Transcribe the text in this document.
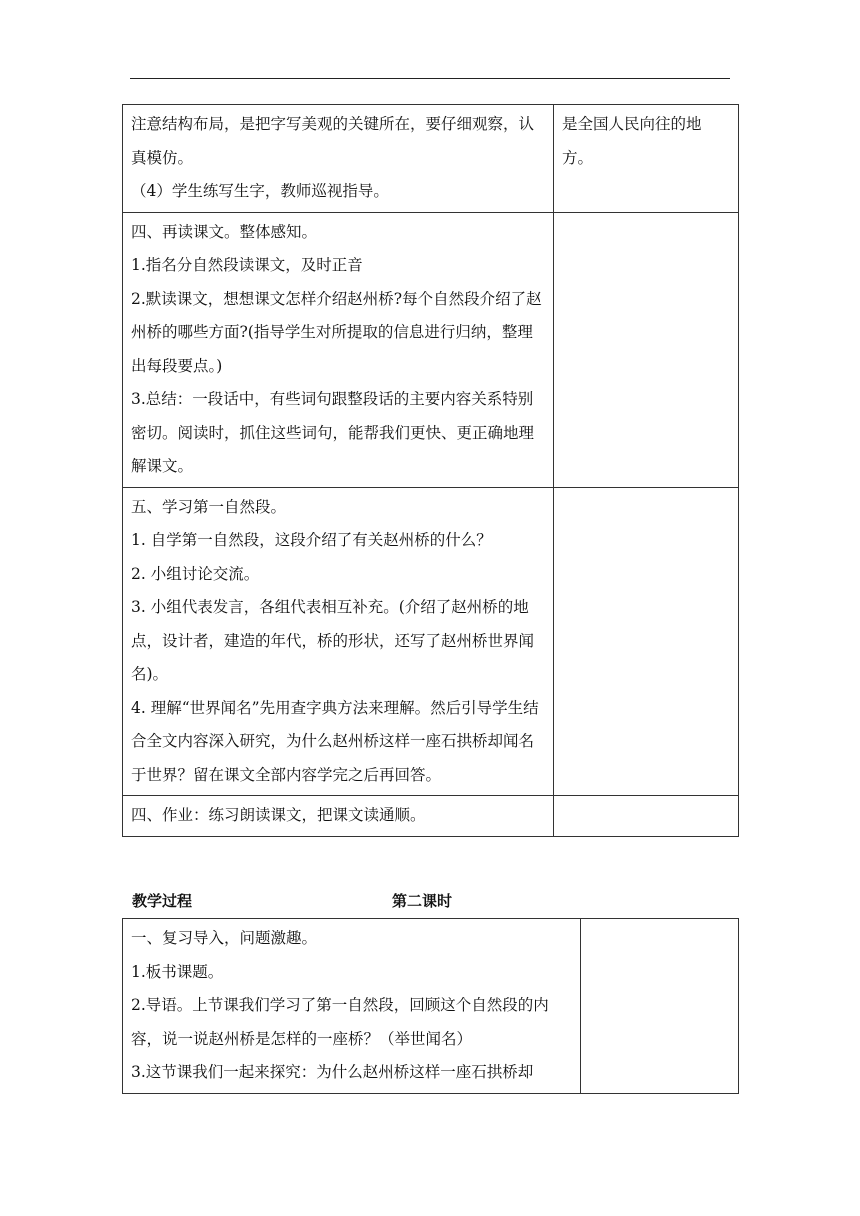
注意结构布局，是把字写美观的关键所在，要仔细观察，认真模仿。

（4）学生练写生字，教师巡视指导。	是全国人民向往的地方。

四、再读课文。整体感知。

1.指名分自然段读课文，及时正音

2.默读课文，想想课文怎样介绍赵州桥?每个自然段介绍了赵州桥的哪些方面?(指导学生对所提取的信息进行归纳，整理出每段要点。)

3.总结：一段话中，有些词句跟整段话的主要内容关系特别密切。阅读时，抓住这些词句，能帮我们更快、更正确地理解课文。	

五、学习第一自然段。

1. 自学第一自然段，这段介绍了有关赵州桥的什么？

2. 小组讨论交流。

3. 小组代表发言，各组代表相互补充。(介绍了赵州桥的地点，设计者，建造的年代，桥的形状，还写了赵州桥世界闻名)。

4. 理解“世界闻名”先用查字典方法来理解。然后引导学生结合全文内容深入研究，为什么赵州桥这样一座石拱桥却闻名于世界？留在课文全部内容学完之后再回答。	

四、作业：练习朗读课文，把课文读通顺。	

教学过程	第二课时

一、复习导入，问题激趣。

1.板书课题。

2.导语。上节课我们学习了第一自然段，回顾这个自然段的内容，说一说赵州桥是怎样的一座桥？（举世闻名）

3.这节课我们一起来探究：为什么赵州桥这样一座石拱桥却
